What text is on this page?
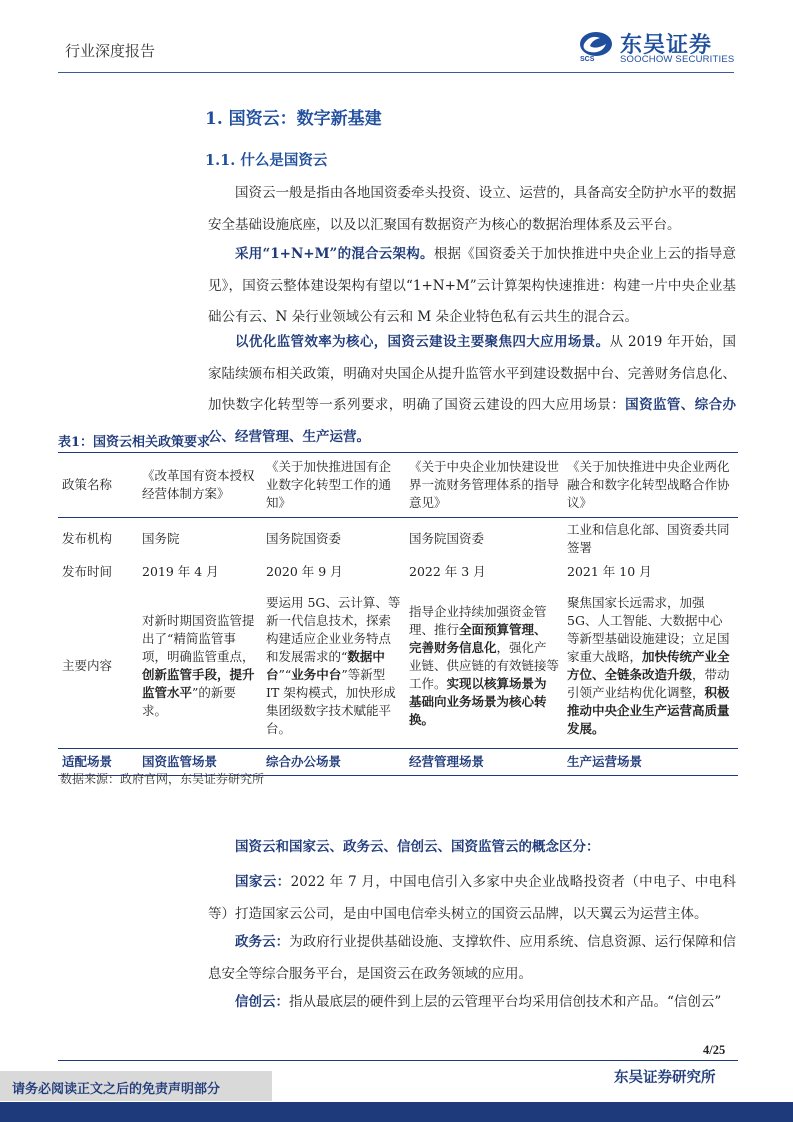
行业深度报告	SCS
东吴证券
SOOCHOW SECURITIES
1. 国资云：数字新基建
1.1. 什么是国资云
国资云一般是指由各地国资委牵头投资、设立、运营的，具备高安全防护水平的数据安全基础设施底座，以及以汇聚国有数据资产为核心的数据治理体系及云平台。
采用“1+N+M”的混合云架构。根据《国资委关于加快推进中央企业上云的指导意见》，国资云整体建设架构有望以“1+N+M”云计算架构快速推进：构建一片中央企业基础公有云、N 朵行业领域公有云和 M 朵企业特色私有云共生的混合云。
以优化监管效率为核心，国资云建设主要聚焦四大应用场景。从 2019 年开始，国家陆续颁布相关政策，明确对央国企从提升监管水平到建设数据中台、完善财务信息化、加快数字化转型等一系列要求，明确了国资云建设的四大应用场景：国资监管、综合办公、经营管理、生产运营。
表1：国资云相关政策要求
政策名称	《改革国有资本授权经营体制方案》	《关于加快推进国有企业数字化转型工作的通知》	《关于中央企业加快建设世界一流财务管理体系的指导意见》	《关于加快推进中央企业两化融合和数字化转型战略合作协议》
发布机构	国务院	国务院国资委	国务院国资委	工业和信息化部、国资委共同签署
发布时间	2019 年 4 月	2020 年 9 月	2022 年 3 月	2021 年 10 月
主要内容	对新时期国资监管提出了“精简监管事项，明确监管重点，创新监管手段，提升监管水平”的新要求。	要运用 5G、云计算、等新一代信息技术，探索构建适应企业业务特点和发展需求的“数据中台”“业务中台”等新型 IT 架构模式，加快形成集团级数字技术赋能平台。	指导企业持续加强资金管理、推行全面预算管理、完善财务信息化，强化产业链、供应链的有效链接等工作。实现以核算场景为基础向业务场景为核心转换。	聚焦国家长远需求，加强 5G、人工智能、大数据中心等新型基础设施建设；立足国家重大战略，加快传统产业全方位、全链条改造升级，带动引领产业结构优化调整，积极推动中央企业生产运营高质量发展。
适配场景	国资监管场景	综合办公场景	经营管理场景	生产运营场景
数据来源：政府官网，东吴证券研究所
国资云和国家云、政务云、信创云、国资监管云的概念区分：
国家云：2022 年 7 月，中国电信引入多家中央企业战略投资者（中电子、中电科等）打造国家云公司，是由中国电信牵头树立的国资云品牌，以天翼云为运营主体。
政务云：为政府行业提供基础设施、支撑软件、应用系统、信息资源、运行保障和信息安全等综合服务平台，是国资云在政务领域的应用。
信创云：指从最底层的硬件到上层的云管理平台均采用信创技术和产品。“信创云”
4/25
请务必阅读正文之后的免责声明部分
东吴证券研究所
